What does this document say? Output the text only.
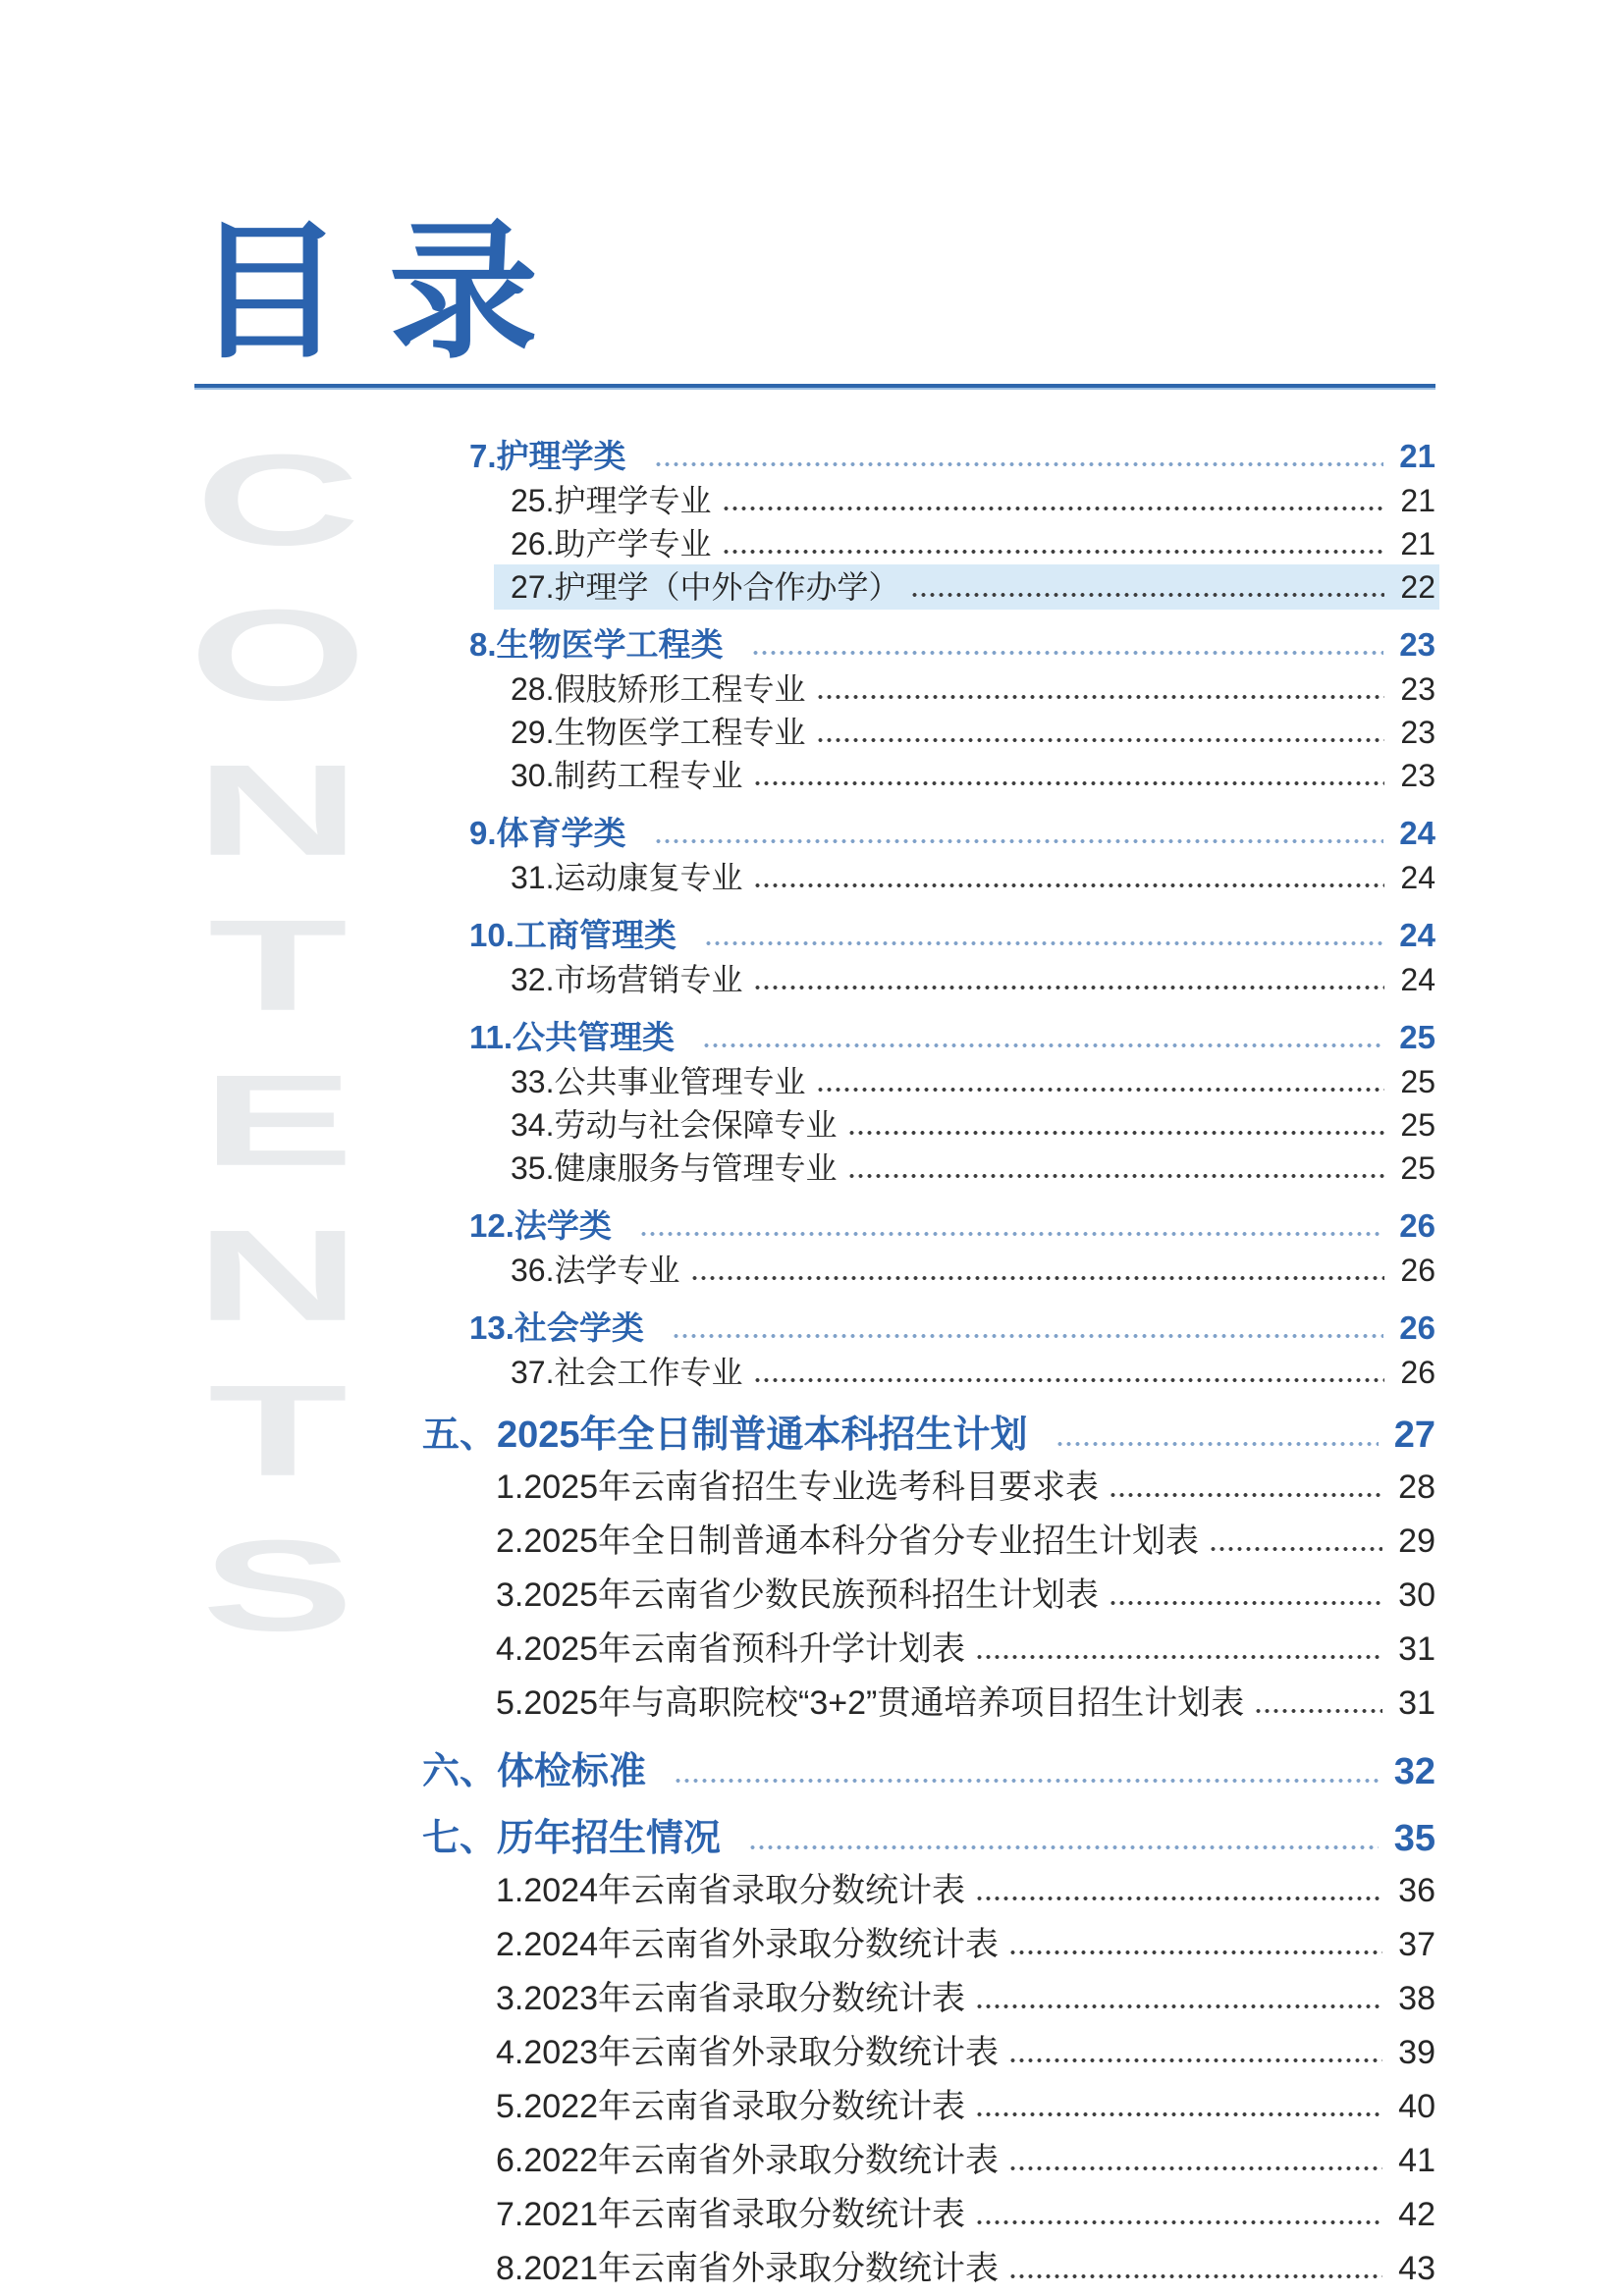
C
O
N
T
E
N
T
S
目录
7.护理学类	21
25.护理学专业	21
26.助产学专业	21
27.护理学（中外合作办学）	22
8.生物医学工程类	23
28.假肢矫形工程专业	23
29.生物医学工程专业	23
30.制药工程专业	23
9.体育学类	24
31.运动康复专业	24
10.工商管理类	24
32.市场营销专业	24
11.公共管理类	25
33.公共事业管理专业	25
34.劳动与社会保障专业	25
35.健康服务与管理专业	25
12.法学类	26
36.法学专业	26
13.社会学类	26
37.社会工作专业	26
五、2025年全日制普通本科招生计划	27
1.2025年云南省招生专业选考科目要求表	28
2.2025年全日制普通本科分省分专业招生计划表	29
3.2025年云南省少数民族预科招生计划表	30
4.2025年云南省预科升学计划表	31
5.2025年与高职院校“3+2”贯通培养项目招生计划表	31
六、体检标准	32
七、历年招生情况	35
1.2024年云南省录取分数统计表	36
2.2024年云南省外录取分数统计表	37
3.2023年云南省录取分数统计表	38
4.2023年云南省外录取分数统计表	39
5.2022年云南省录取分数统计表	40
6.2022年云南省外录取分数统计表	41
7.2021年云南省录取分数统计表	42
8.2021年云南省外录取分数统计表	43
